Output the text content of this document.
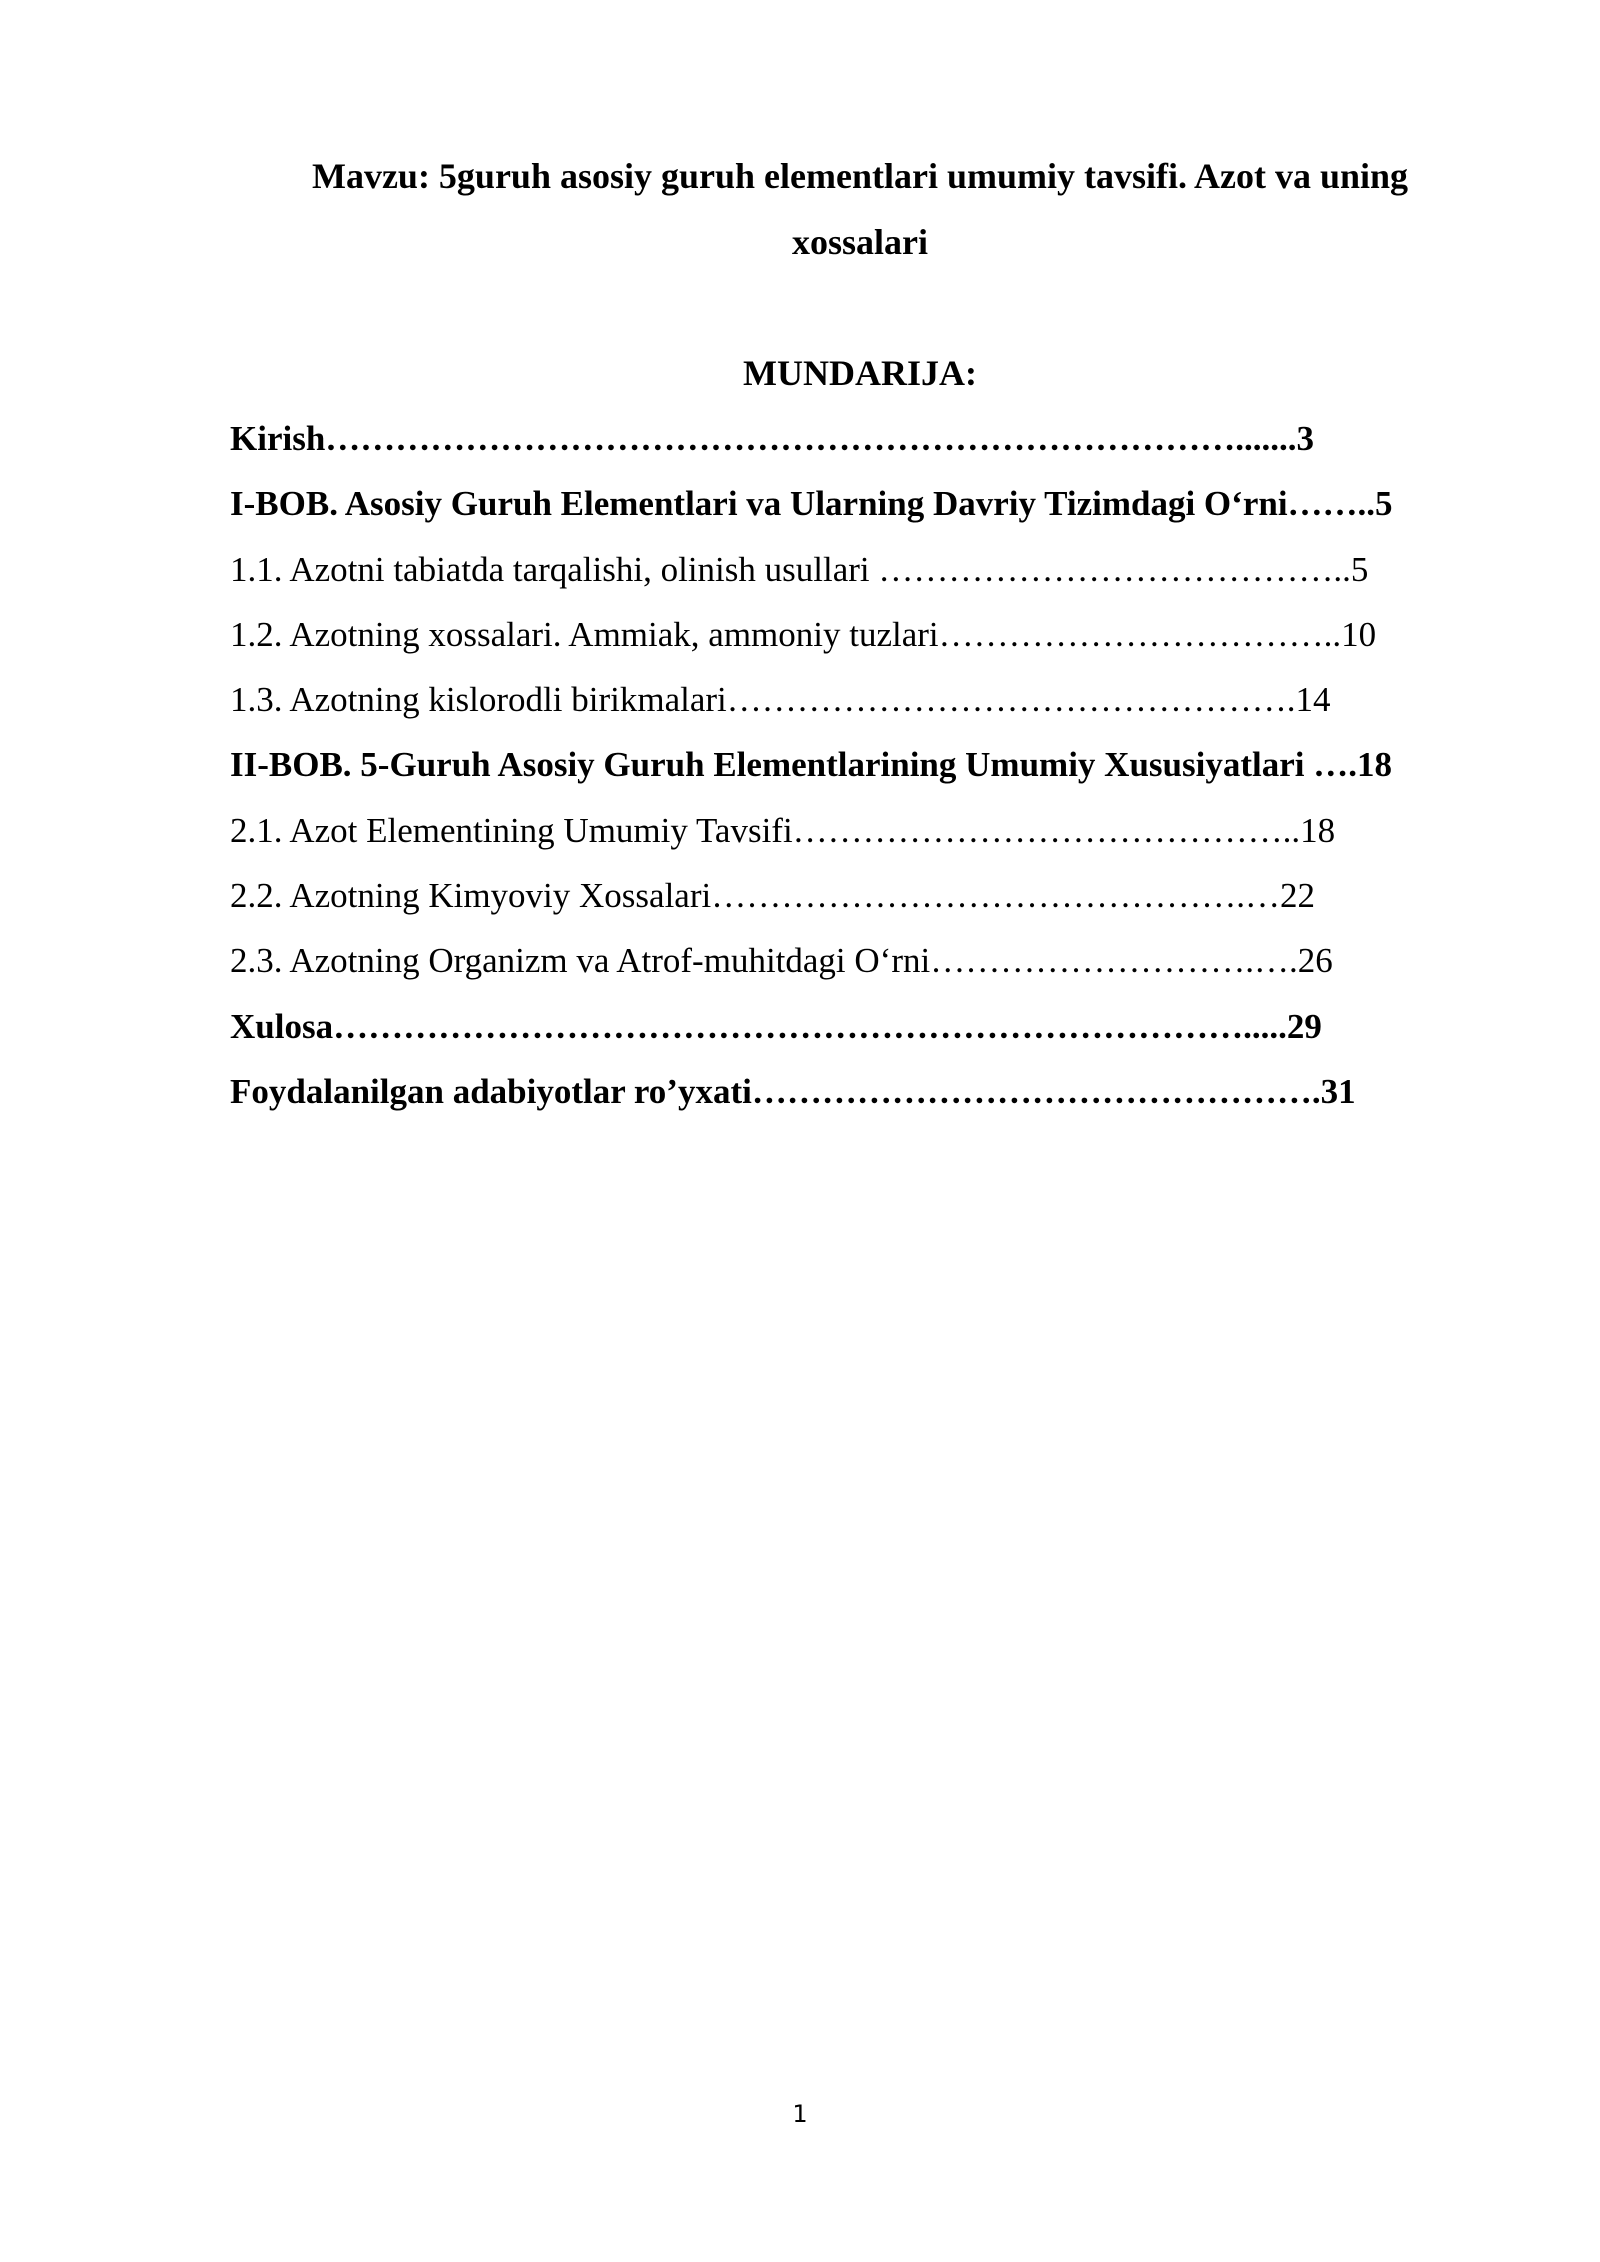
Mavzu: 5guruh asosiy guruh elementlari umumiy tavsifi. Azot va uning
xossalari
MUNDARIJA:
Kirish…………………………………………………………………….......3
I-BOB. Asosiy Guruh Elementlari va Ularning Davriy Tizimdagi O‘rni……..5
1.1. Azotni tabiatda tarqalishi, olinish usullari …………………………………..5
1.2. Azotning xossalari. Ammiak, ammoniy tuzlari……………………………..10
1.3. Azotning kislorodli birikmalari………………………………………….14
II-BOB. 5-Guruh Asosiy Guruh Elementlarining Umumiy Xususiyatlari ….18
2.1. Azot Elementining Umumiy Tavsifi……………………………………..18
2.2. Azotning Kimyoviy Xossalari……………………………………….…22
2.3. Azotning Organizm va Atrof-muhitdagi O‘rni……………………….….26
Xulosa…………………………………………………………………….....29
Foydalanilgan adabiyotlar ro’yxati………………………………………….31
1
